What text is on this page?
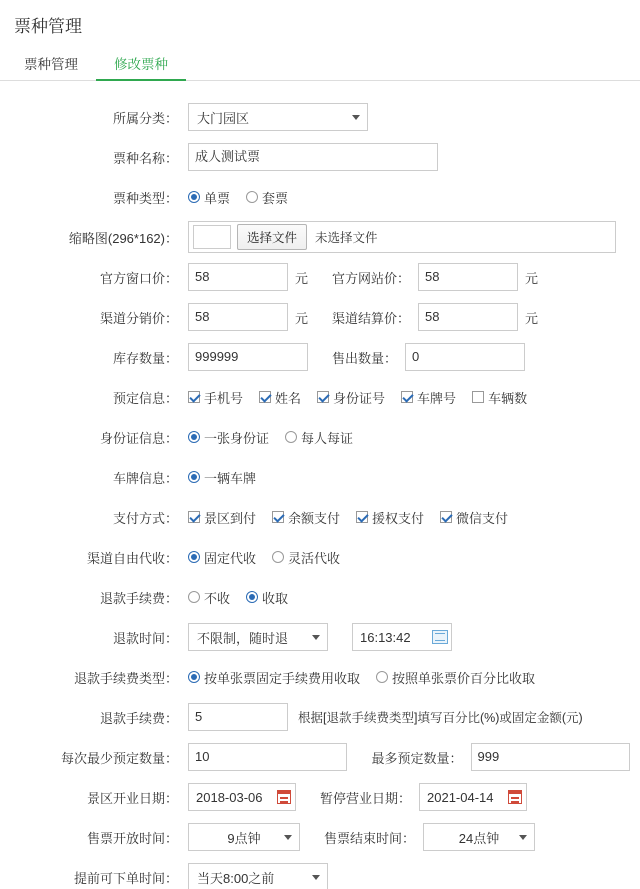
票种管理
票种管理	修改票种
所属分类：	大门园区
票种名称：	成人测试票
票种类型：	单票 套票
缩略图(296*162)：	选择文件	未选择文件
官方窗口价：	58	元 官方网站价：	58	元
渠道分销价：	58	元 渠道结算价：	58	元
库存数量：	999999	售出数量：	0
预定信息：	手机号 姓名 身份证号 车牌号 车辆数
身份证信息：	一张身份证 每人每证
车牌信息：	一辆车牌
支付方式：	景区到付 余额支付 援权支付 微信支付
渠道自由代收：	固定代收 灵活代收
退款手续费：	不收 收取
退款时间：	不限制，随时退	16:13:42
退款手续费类型：	按单张票固定手续费用收取 按照单张票价百分比收取
退款手续费：	5	根据[退款手续费类型]填写百分比(%)或固定金额(元)
每次最少预定数量：	10	最多预定数量：	999
景区开业日期：	2018-03-06	暂停营业日期： 2021-04-14
售票开放时间：	9点钟	售票结束时间：	24点钟
提前可下单时间：	当天8:00之前
